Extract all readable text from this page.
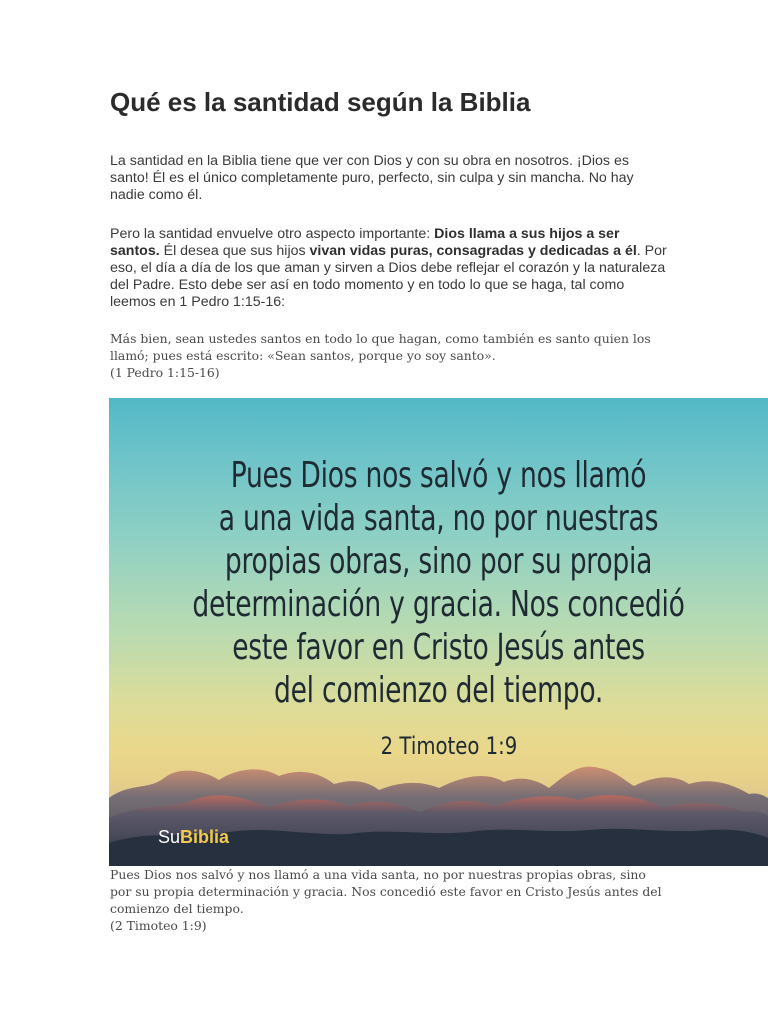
Qué es la santidad según la Biblia

La santidad en la Biblia tiene que ver con Dios y con su obra en nosotros. ¡Dios es santo! Él es el único completamente puro, perfecto, sin culpa y sin mancha. No hay nadie como él.

Pero la santidad envuelve otro aspecto importante: Dios llama a sus hijos a ser santos. Él desea que sus hijos vivan vidas puras, consagradas y dedicadas a él. Por eso, el día a día de los que aman y sirven a Dios debe reflejar el corazón y la naturaleza del Padre. Esto debe ser así en todo momento y en todo lo que se haga, tal como leemos en 1 Pedro 1:15-16:

Más bien, sean ustedes santos en todo lo que hagan, como también es santo quien los llamó; pues está escrito: «Sean santos, porque yo soy santo».
(1 Pedro 1:15-16)

Pues Dios nos salvó y nos llamó
a una vida santa, no por nuestras
propias obras, sino por su propia
determinación y gracia. Nos concedió
este favor en Cristo Jesús antes
del comienzo del tiempo.
2 Timoteo 1:9
SuBiblia

Pues Dios nos salvó y nos llamó a una vida santa, no por nuestras propias obras, sino por su propia determinación y gracia. Nos concedió este favor en Cristo Jesús antes del comienzo del tiempo.
(2 Timoteo 1:9)
